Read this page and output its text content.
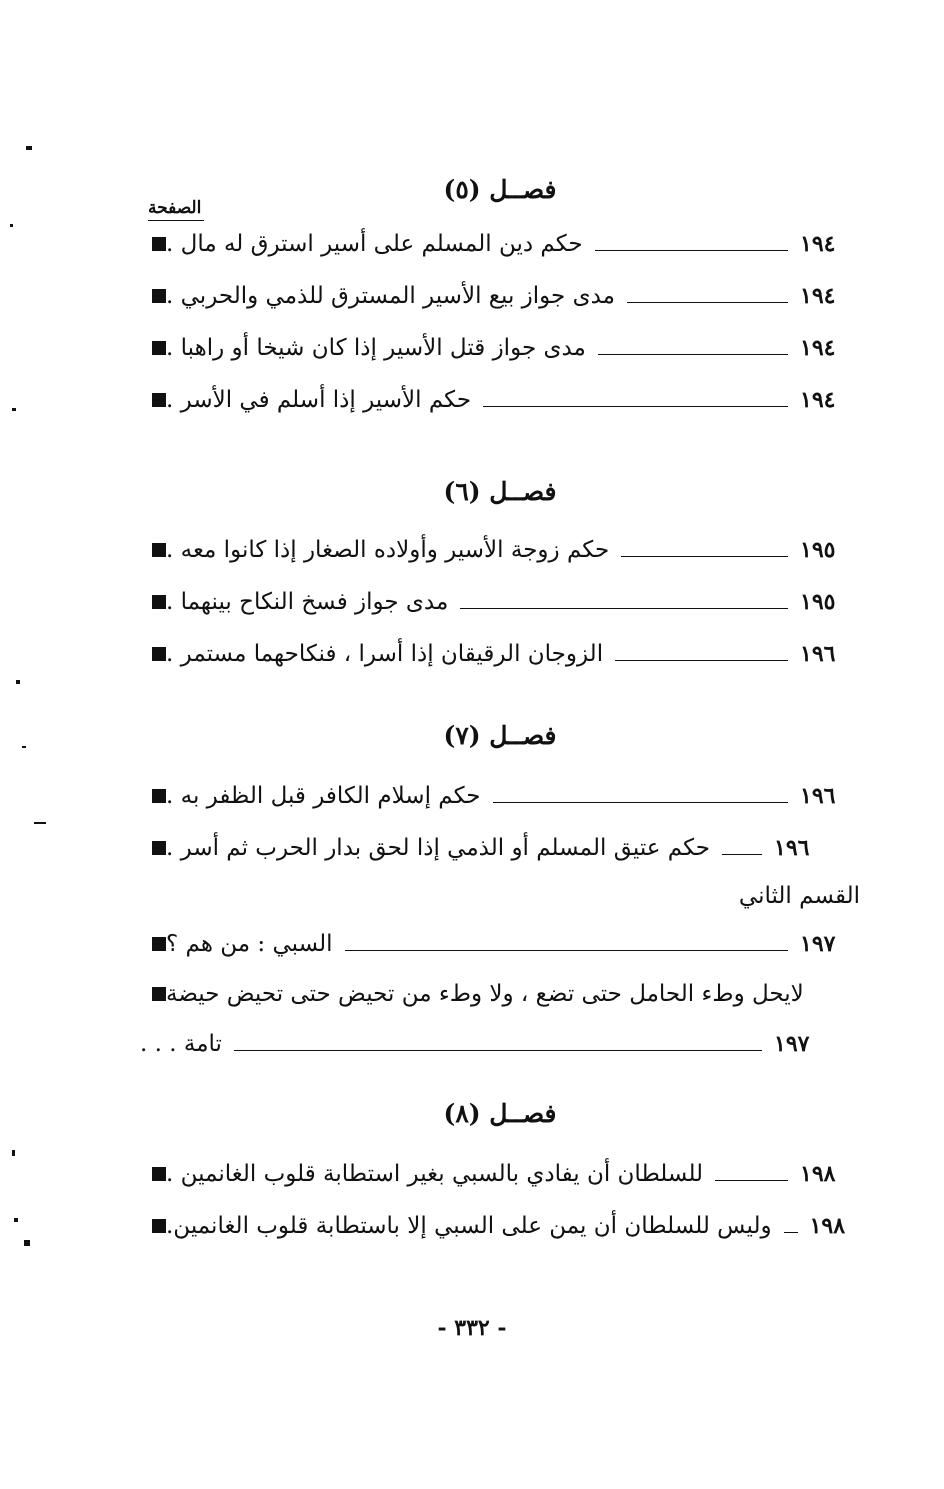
الصفحة
فصــل (٥)
حكم دين المسلم على أسير استرق له مال .	١٩٤
مدى جواز بيع الأسير المسترق للذمي والحربي .	١٩٤
مدى جواز قتل الأسير إذا كان شيخا أو راهبا .	١٩٤
حكم الأسير إذا أسلم في الأسر .	١٩٤
فصــل (٦)
حكم زوجة الأسير وأولاده الصغار إذا كانوا معه .	١٩٥
مدى جواز فسخ النكاح بينهما .	١٩٥
الزوجان الرقيقان إذا أسرا ، فنكاحهما مستمر .	١٩٦
فصــل (٧)
حكم إسلام الكافر قبل الظفر به .	١٩٦
حكم عتيق المسلم أو الذمي إذا لحق بدار الحرب ثم أسر .	١٩٦
القسم الثاني
السبي : من هم ؟	١٩٧
لايحل وطء الحامل حتى تضع ، ولا وطء من تحيض حتى تحيض حيضة
تامة . . .	١٩٧
فصــل (٨)
للسلطان أن يفادي بالسبي بغير استطابة قلوب الغانمين .	١٩٨
وليس للسلطان أن يمن على السبي إلا باستطابة قلوب الغانمين. ١٩٨
- ٣٣٢ -
